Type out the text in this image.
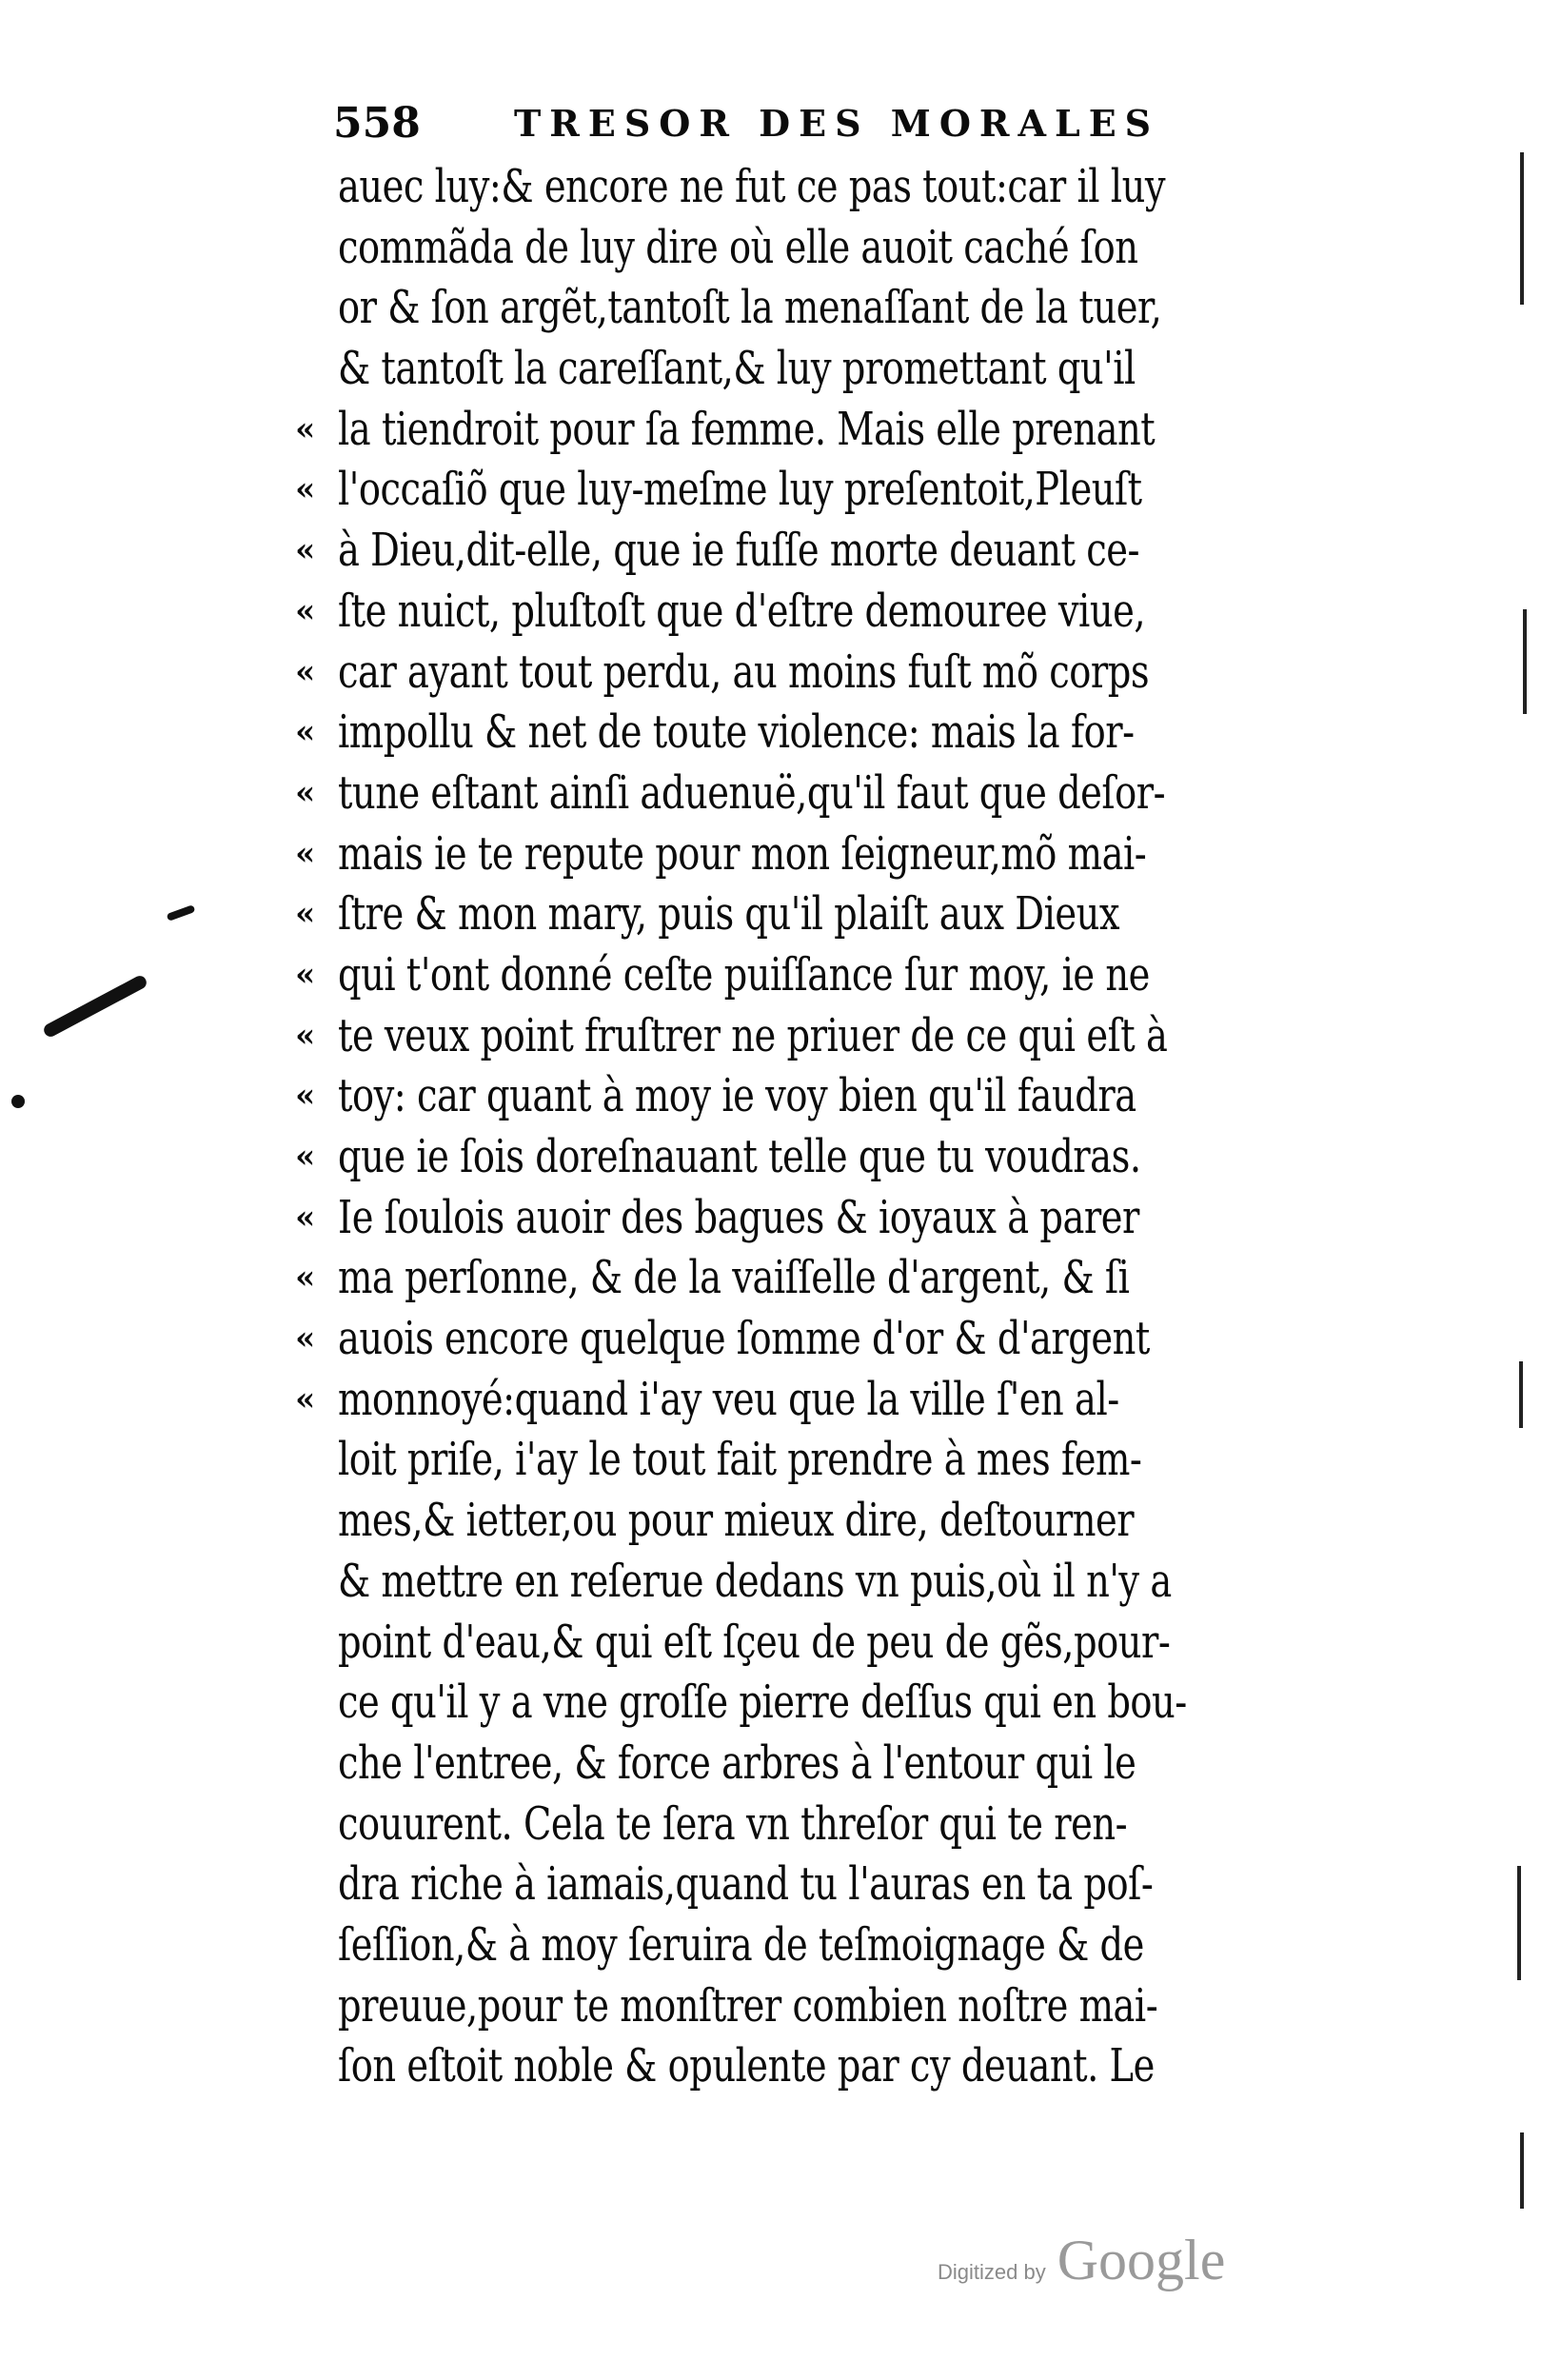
558	TRESOR DES MORALES
auec luy:& encore ne fut ce pas tout:car il luy
commãda de luy dire où elle auoit caché ſon
or & ſon argẽt,tantoſt la menaſſant de la tuer,
& tantoſt la careſſant,& luy promettant qu'il
« la tiendroit pour ſa femme. Mais elle prenant
« l'occaſiõ que luy-meſme luy preſentoit,Pleuſt
« à Dieu,dit-elle, que ie fuſſe morte deuant ce-
« ſte nuict, pluſtoſt que d'eſtre demouree viue,
« car ayant tout perdu, au moins fuſt mõ corps
« impollu & net de toute violence: mais la for-
« tune eſtant ainſi aduenuë,qu'il faut que deſor-
« mais ie te repute pour mon ſeigneur,mõ mai-
« ſtre & mon mary, puis qu'il plaiſt aux Dieux
« qui t'ont donné ceſte puiſſance ſur moy, ie ne
« te veux point fruſtrer ne priuer de ce qui eſt à
« toy: car quant à moy ie voy bien qu'il faudra
« que ie ſois doreſnauant telle que tu voudras.
« Ie ſoulois auoir des bagues & ioyaux à parer
« ma perſonne, & de la vaiſſelle d'argent, & ſi
« auois encore quelque ſomme d'or & d'argent
« monnoyé:quand i'ay veu que la ville ſ'en al-
loit priſe, i'ay le tout fait prendre à mes fem-
mes,& ietter,ou pour mieux dire, deſtourner
& mettre en reſerue dedans vn puis,où il n'y a
point d'eau,& qui eſt ſçeu de peu de gẽs,pour-
ce qu'il y a vne groſſe pierre deſſus qui en bou-
che l'entree, & force arbres à l'entour qui le
couurent. Cela te ſera vn threſor qui te ren-
dra riche à iamais,quand tu l'auras en ta poſ-
ſeſſion,& à moy ſeruira de teſmoignage & de
preuue,pour te monſtrer combien noſtre mai-
ſon eſtoit noble & opulente par cy deuant. Le
Digitized by Google
